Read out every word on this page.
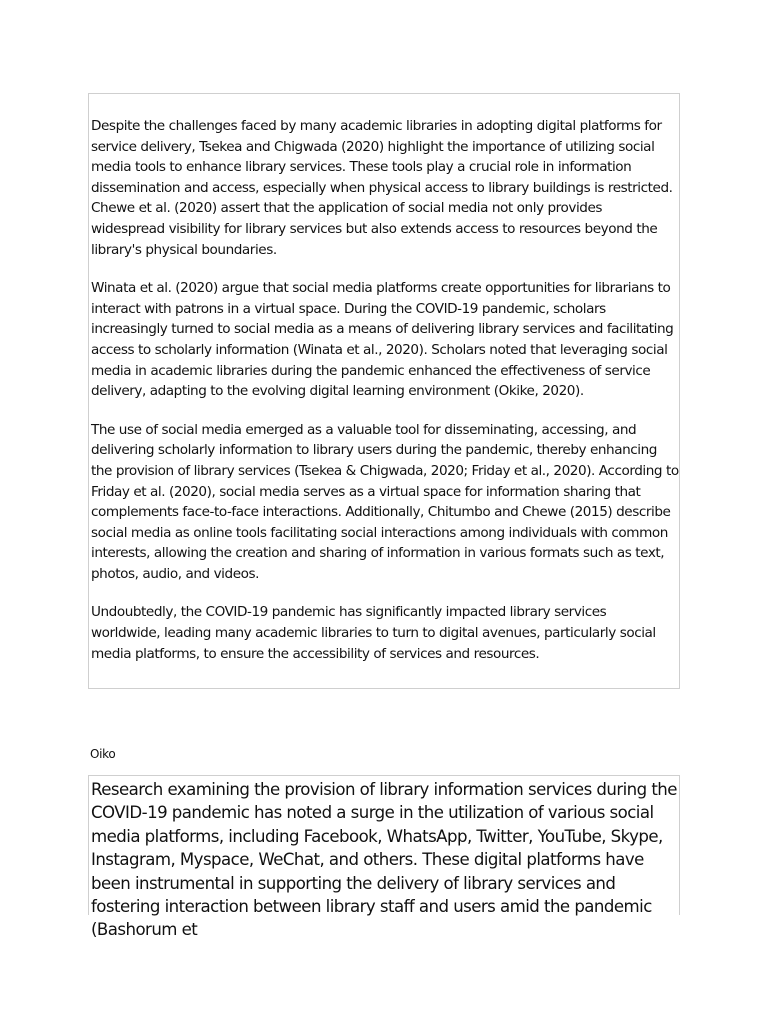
Despite the challenges faced by many academic libraries in adopting digital platforms for service delivery, Tsekea and Chigwada (2020) highlight the importance of utilizing social media tools to enhance library services. These tools play a crucial role in information dissemination and access, especially when physical access to library buildings is restricted. Chewe et al. (2020) assert that the application of social media not only provides widespread visibility for library services but also extends access to resources beyond the library's physical boundaries.

Winata et al. (2020) argue that social media platforms create opportunities for librarians to interact with patrons in a virtual space. During the COVID-19 pandemic, scholars increasingly turned to social media as a means of delivering library services and facilitating access to scholarly information (Winata et al., 2020). Scholars noted that leveraging social media in academic libraries during the pandemic enhanced the effectiveness of service delivery, adapting to the evolving digital learning environment (Okike, 2020).

The use of social media emerged as a valuable tool for disseminating, accessing, and delivering scholarly information to library users during the pandemic, thereby enhancing the provision of library services (Tsekea & Chigwada, 2020; Friday et al., 2020). According to Friday et al. (2020), social media serves as a virtual space for information sharing that complements face-to-face interactions. Additionally, Chitumbo and Chewe (2015) describe social media as online tools facilitating social interactions among individuals with common interests, allowing the creation and sharing of information in various formats such as text, photos, audio, and videos.

Undoubtedly, the COVID-19 pandemic has significantly impacted library services worldwide, leading many academic libraries to turn to digital avenues, particularly social media platforms, to ensure the accessibility of services and resources.

Oiko

Research examining the provision of library information services during the COVID-19 pandemic has noted a surge in the utilization of various social media platforms, including Facebook, WhatsApp, Twitter, YouTube, Skype, Instagram, Myspace, WeChat, and others. These digital platforms have been instrumental in supporting the delivery of library services and fostering interaction between library staff and users amid the pandemic (Bashorum et
